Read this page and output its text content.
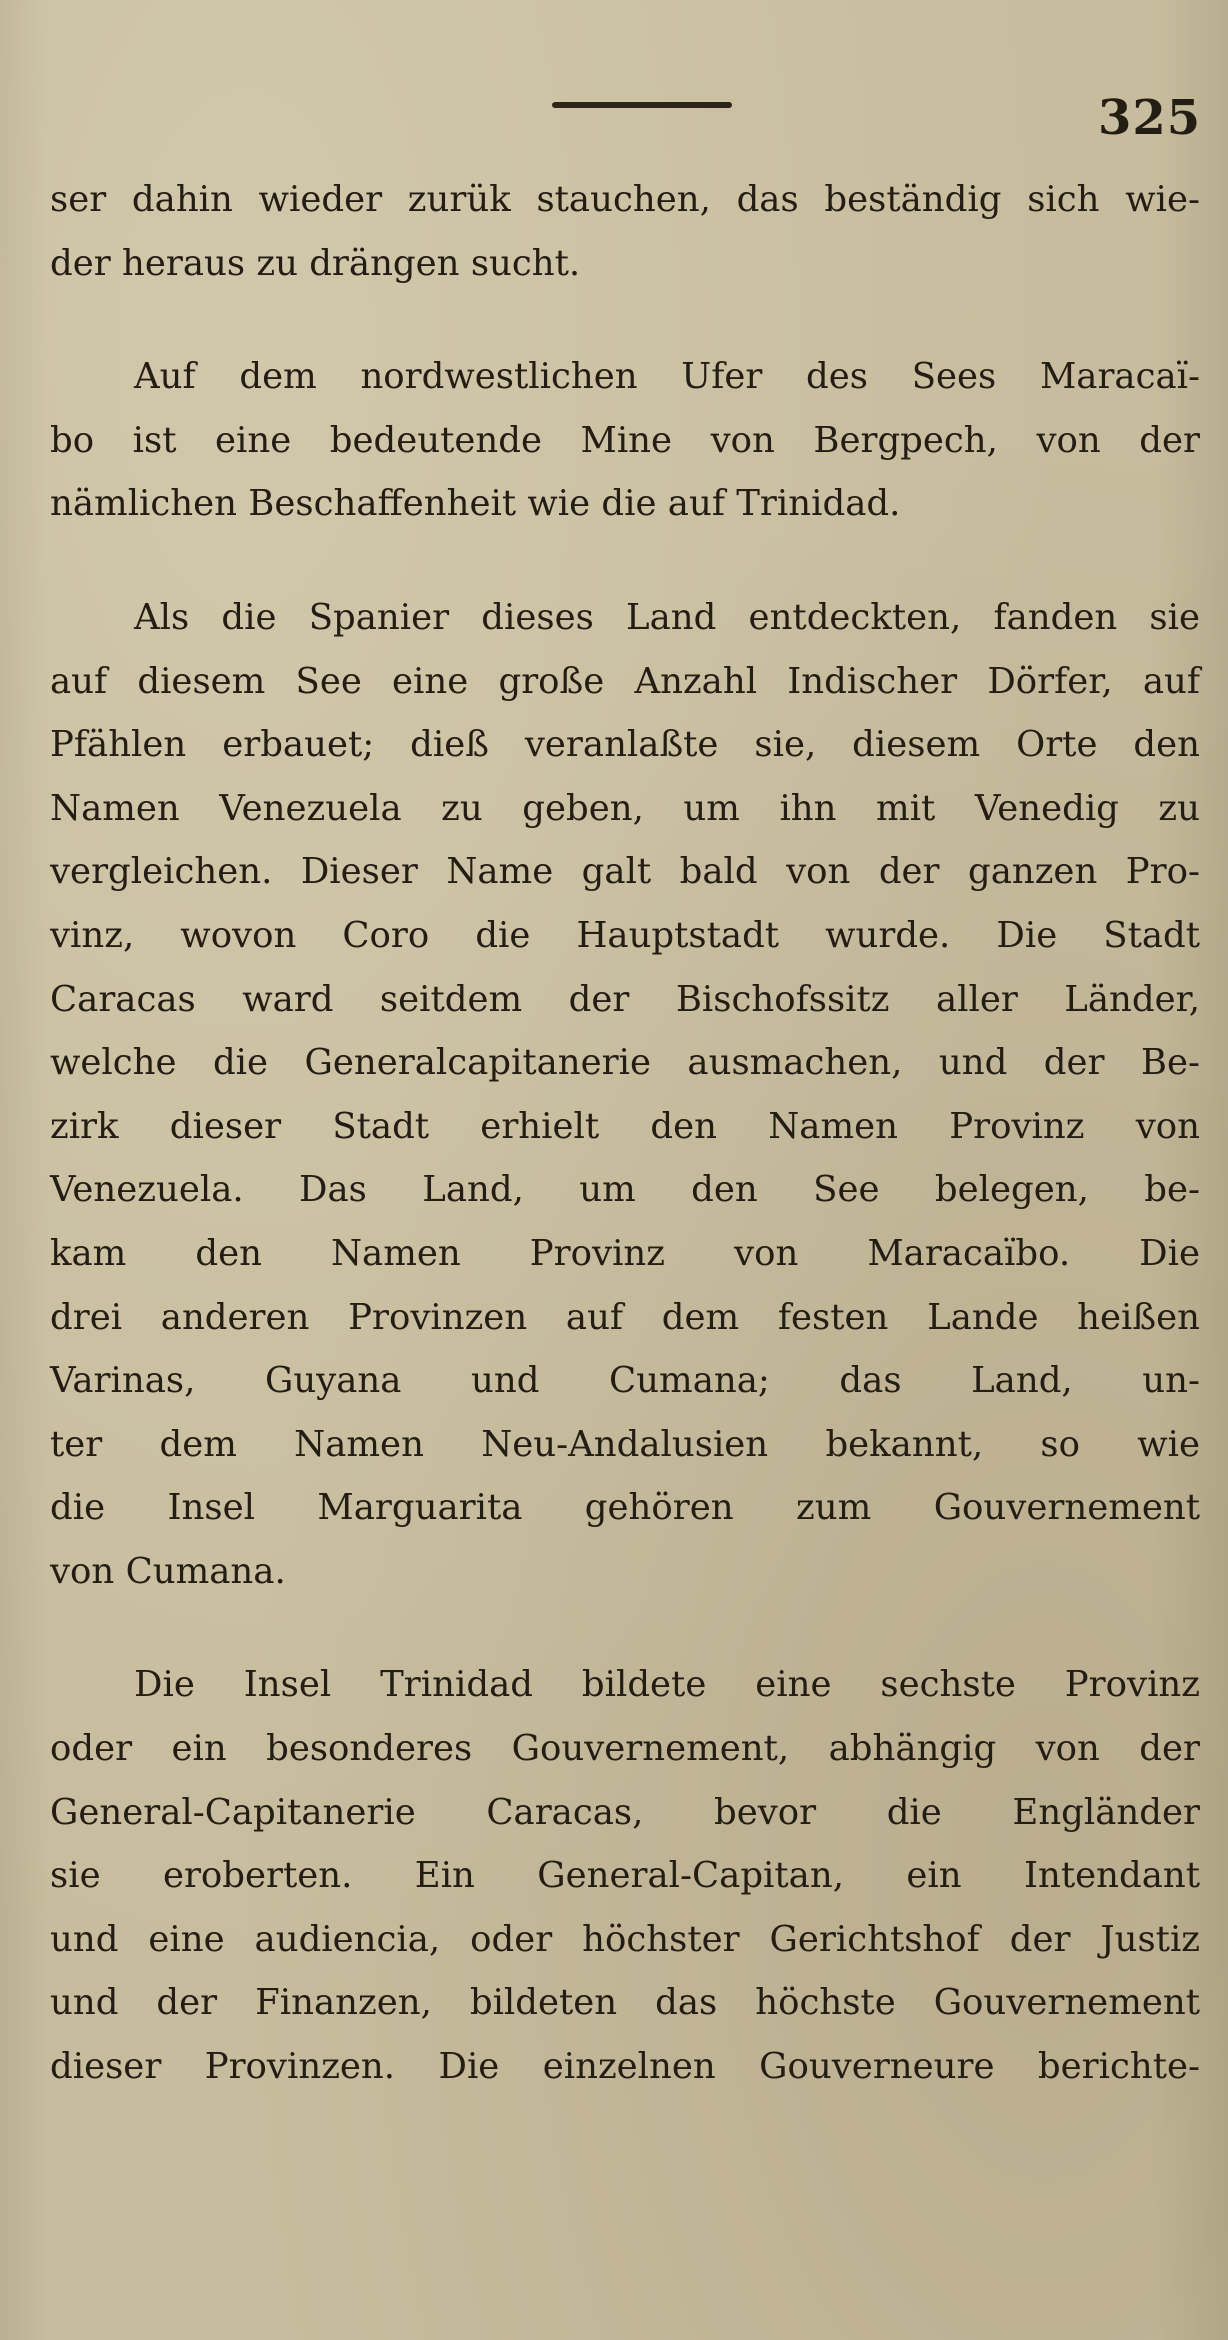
325

ser dahin wieder zurük stauchen, das beständig sich wie-
der heraus zu drängen sucht.

Auf dem nordwestlichen Ufer des Sees Maracaï-
bo ist eine bedeutende Mine von Bergpech, von der
nämlichen Beschaffenheit wie die auf Trinidad.

Als die Spanier dieses Land entdeckten, fanden sie
auf diesem See eine große Anzahl Indischer Dörfer, auf
Pfählen erbauet; dieß veranlaßte sie, diesem Orte den
Namen Venezuela zu geben, um ihn mit Venedig zu
vergleichen. Dieser Name galt bald von der ganzen Pro-
vinz, wovon Coro die Hauptstadt wurde. Die Stadt
Caracas ward seitdem der Bischofssitz aller Länder,
welche die Generalcapitanerie ausmachen, und der Be-
zirk dieser Stadt erhielt den Namen Provinz von
Venezuela. Das Land, um den See belegen, be-
kam den Namen Provinz von Maracaïbo. Die
drei anderen Provinzen auf dem festen Lande heißen
Varinas, Guyana und Cumana; das Land, un-
ter dem Namen Neu-Andalusien bekannt, so wie
die Insel Marguarita gehören zum Gouvernement
von Cumana.

Die Insel Trinidad bildete eine sechste Provinz
oder ein besonderes Gouvernement, abhängig von der
General-Capitanerie Caracas, bevor die Engländer
sie eroberten. Ein General-Capitan, ein Intendant
und eine audiencia, oder höchster Gerichtshof der Justiz
und der Finanzen, bildeten das höchste Gouvernement
dieser Provinzen. Die einzelnen Gouverneure berichte-
